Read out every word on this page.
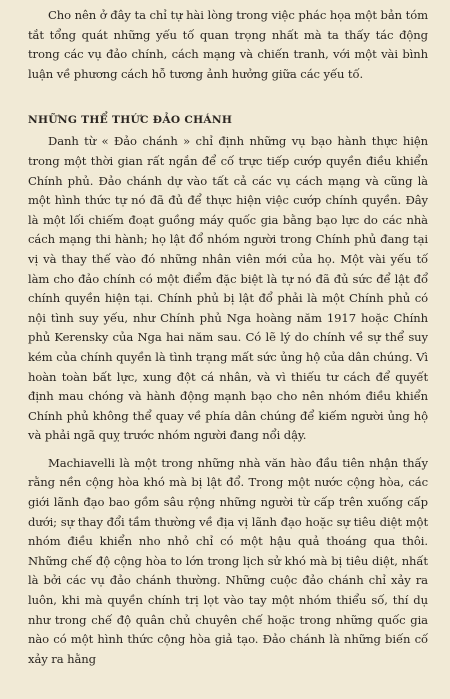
Cho nên ở đây ta chỉ tự hài lòng trong việc phác họa một bản tóm tắt tổng quát những yếu tố quan trọng nhất mà ta thấy tác động trong các vụ đảo chính, cách mạng và chiến tranh, với một vài bình luận về phương cách hỗ tương ảnh hưởng giữa các yếu tố.

NHỮNG THỂ THỨC ĐẢO CHÁNH

Danh từ « Đảo chánh » chỉ định những vụ bạo hành thực hiện trong một thời gian rất ngắn để cố trực tiếp cướp quyền điều khiển Chính phủ. Đảo chánh dự vào tất cả các vụ cách mạng và cũng là một hình thức tự nó đã đủ để thực hiện việc cướp chính quyền. Đây là một lối chiếm đoạt guồng máy quốc gia bằng bạo lực do các nhà cách mạng thi hành; họ lật đổ nhóm người trong Chính phủ đang tại vị và thay thế vào đó những nhân viên mới của họ. Một vài yếu tố làm cho đảo chính có một điểm đặc biệt là tự nó đã đủ sức để lật đổ chính quyền hiện tại. Chính phủ bị lật đổ phải là một Chính phủ có nội tình suy yếu, như Chính phủ Nga hoàng năm 1917 hoặc Chính phủ Kerensky của Nga hai năm sau. Có lẽ lý do chính về sự thể suy kém của chính quyền là tình trạng mất sức ủng hộ của dân chúng. Vì hoàn toàn bất lực, xung đột cá nhân, và vì thiếu tư cách để quyết định mau chóng và hành động mạnh bạo cho nên nhóm điều khiển Chính phủ không thể quay về phía dân chúng để kiếm người ủng hộ và phải ngã quỵ trước nhóm người đang nổi dậy.

Machiavelli là một trong những nhà văn hào đầu tiên nhận thấy rằng nền cộng hòa khó mà bị lật đổ. Trong một nước cộng hòa, các giới lãnh đạo bao gồm sâu rộng những người từ cấp trên xuống cấp dưới; sự thay đổi tầm thường về địa vị lãnh đạo hoặc sự tiêu diệt một nhóm điều khiển nho nhỏ chỉ có một hậu quả thoáng qua thôi. Những chế độ cộng hòa to lớn trong lịch sử khó mà bị tiêu diệt, nhất là bởi các vụ đảo chánh thường. Những cuộc đảo chánh chỉ xảy ra luôn, khi mà quyền chính trị lọt vào tay một nhóm thiểu số, thí dụ như trong chế độ quân chủ chuyên chế hoặc trong những quốc gia nào có một hình thức cộng hòa giả tạo. Đảo chánh là những biến cố xảy ra hằng
